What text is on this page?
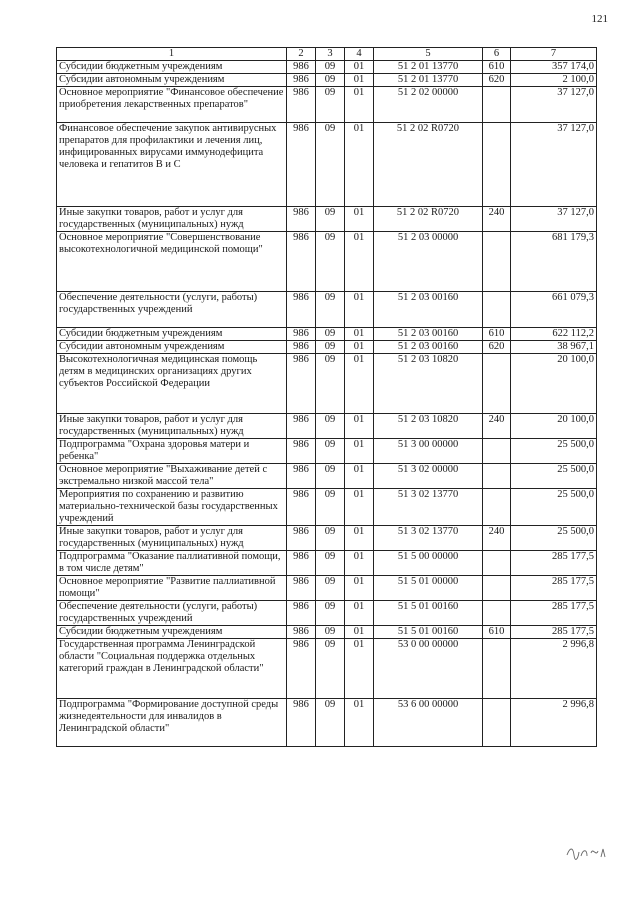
121
1	2	3	4	5	6	7
Субсидии бюджетным учреждениям	986	09	01	51 2 01 13770	610	357 174,0
Субсидии автономным учреждениям	986	09	01	51 2 01 13770	620	2 100,0
Основное мероприятие "Финансовое обеспечение приобретения лекарственных препаратов"	986	09	01	51 2 02 00000		37 127,0
Финансовое обеспечение закупок антивирусных препаратов для профилактики и лечения лиц, инфицированных вирусами иммунодефицита человека и гепатитов В и С	986	09	01	51 2 02 R0720		37 127,0
Иные закупки товаров, работ и услуг для государственных (муниципальных) нужд	986	09	01	51 2 02 R0720	240	37 127,0
Основное мероприятие "Совершенствование высокотехнологичной медицинской помощи"	986	09	01	51 2 03 00000		681 179,3
Обеспечение деятельности (услуги, работы) государственных учреждений	986	09	01	51 2 03 00160		661 079,3
Субсидии бюджетным учреждениям	986	09	01	51 2 03 00160	610	622 112,2
Субсидии автономным учреждениям	986	09	01	51 2 03 00160	620	38 967,1
Высокотехнологичная медицинская помощь детям в медицинских организациях других субъектов Российской Федерации	986	09	01	51 2 03 10820		20 100,0
Иные закупки товаров, работ и услуг для государственных (муниципальных) нужд	986	09	01	51 2 03 10820	240	20 100,0
Подпрограмма "Охрана здоровья матери и ребенка"	986	09	01	51 3 00 00000		25 500,0
Основное мероприятие "Выхаживание детей с экстремально низкой массой тела"	986	09	01	51 3 02 00000		25 500,0
Мероприятия по сохранению и развитию материально-технической базы государственных учреждений	986	09	01	51 3 02 13770		25 500,0
Иные закупки товаров, работ и услуг для государственных (муниципальных) нужд	986	09	01	51 3 02 13770	240	25 500,0
Подпрограмма "Оказание паллиативной помощи, в том числе детям"	986	09	01	51 5 00 00000		285 177,5
Основное мероприятие "Развитие паллиативной помощи"	986	09	01	51 5 01 00000		285 177,5
Обеспечение деятельности (услуги, работы) государственных учреждений	986	09	01	51 5 01 00160		285 177,5
Субсидии бюджетным учреждениям	986	09	01	51 5 01 00160	610	285 177,5
Государственная программа Ленинградской области "Социальная поддержка отдельных категорий граждан в Ленинградской области"	986	09	01	53 0 00 00000		2 996,8
Подпрограмма "Формирование доступной среды жизнедеятельности для инвалидов в Ленинградской области"	986	09	01	53 6 00 00000		2 996,8
